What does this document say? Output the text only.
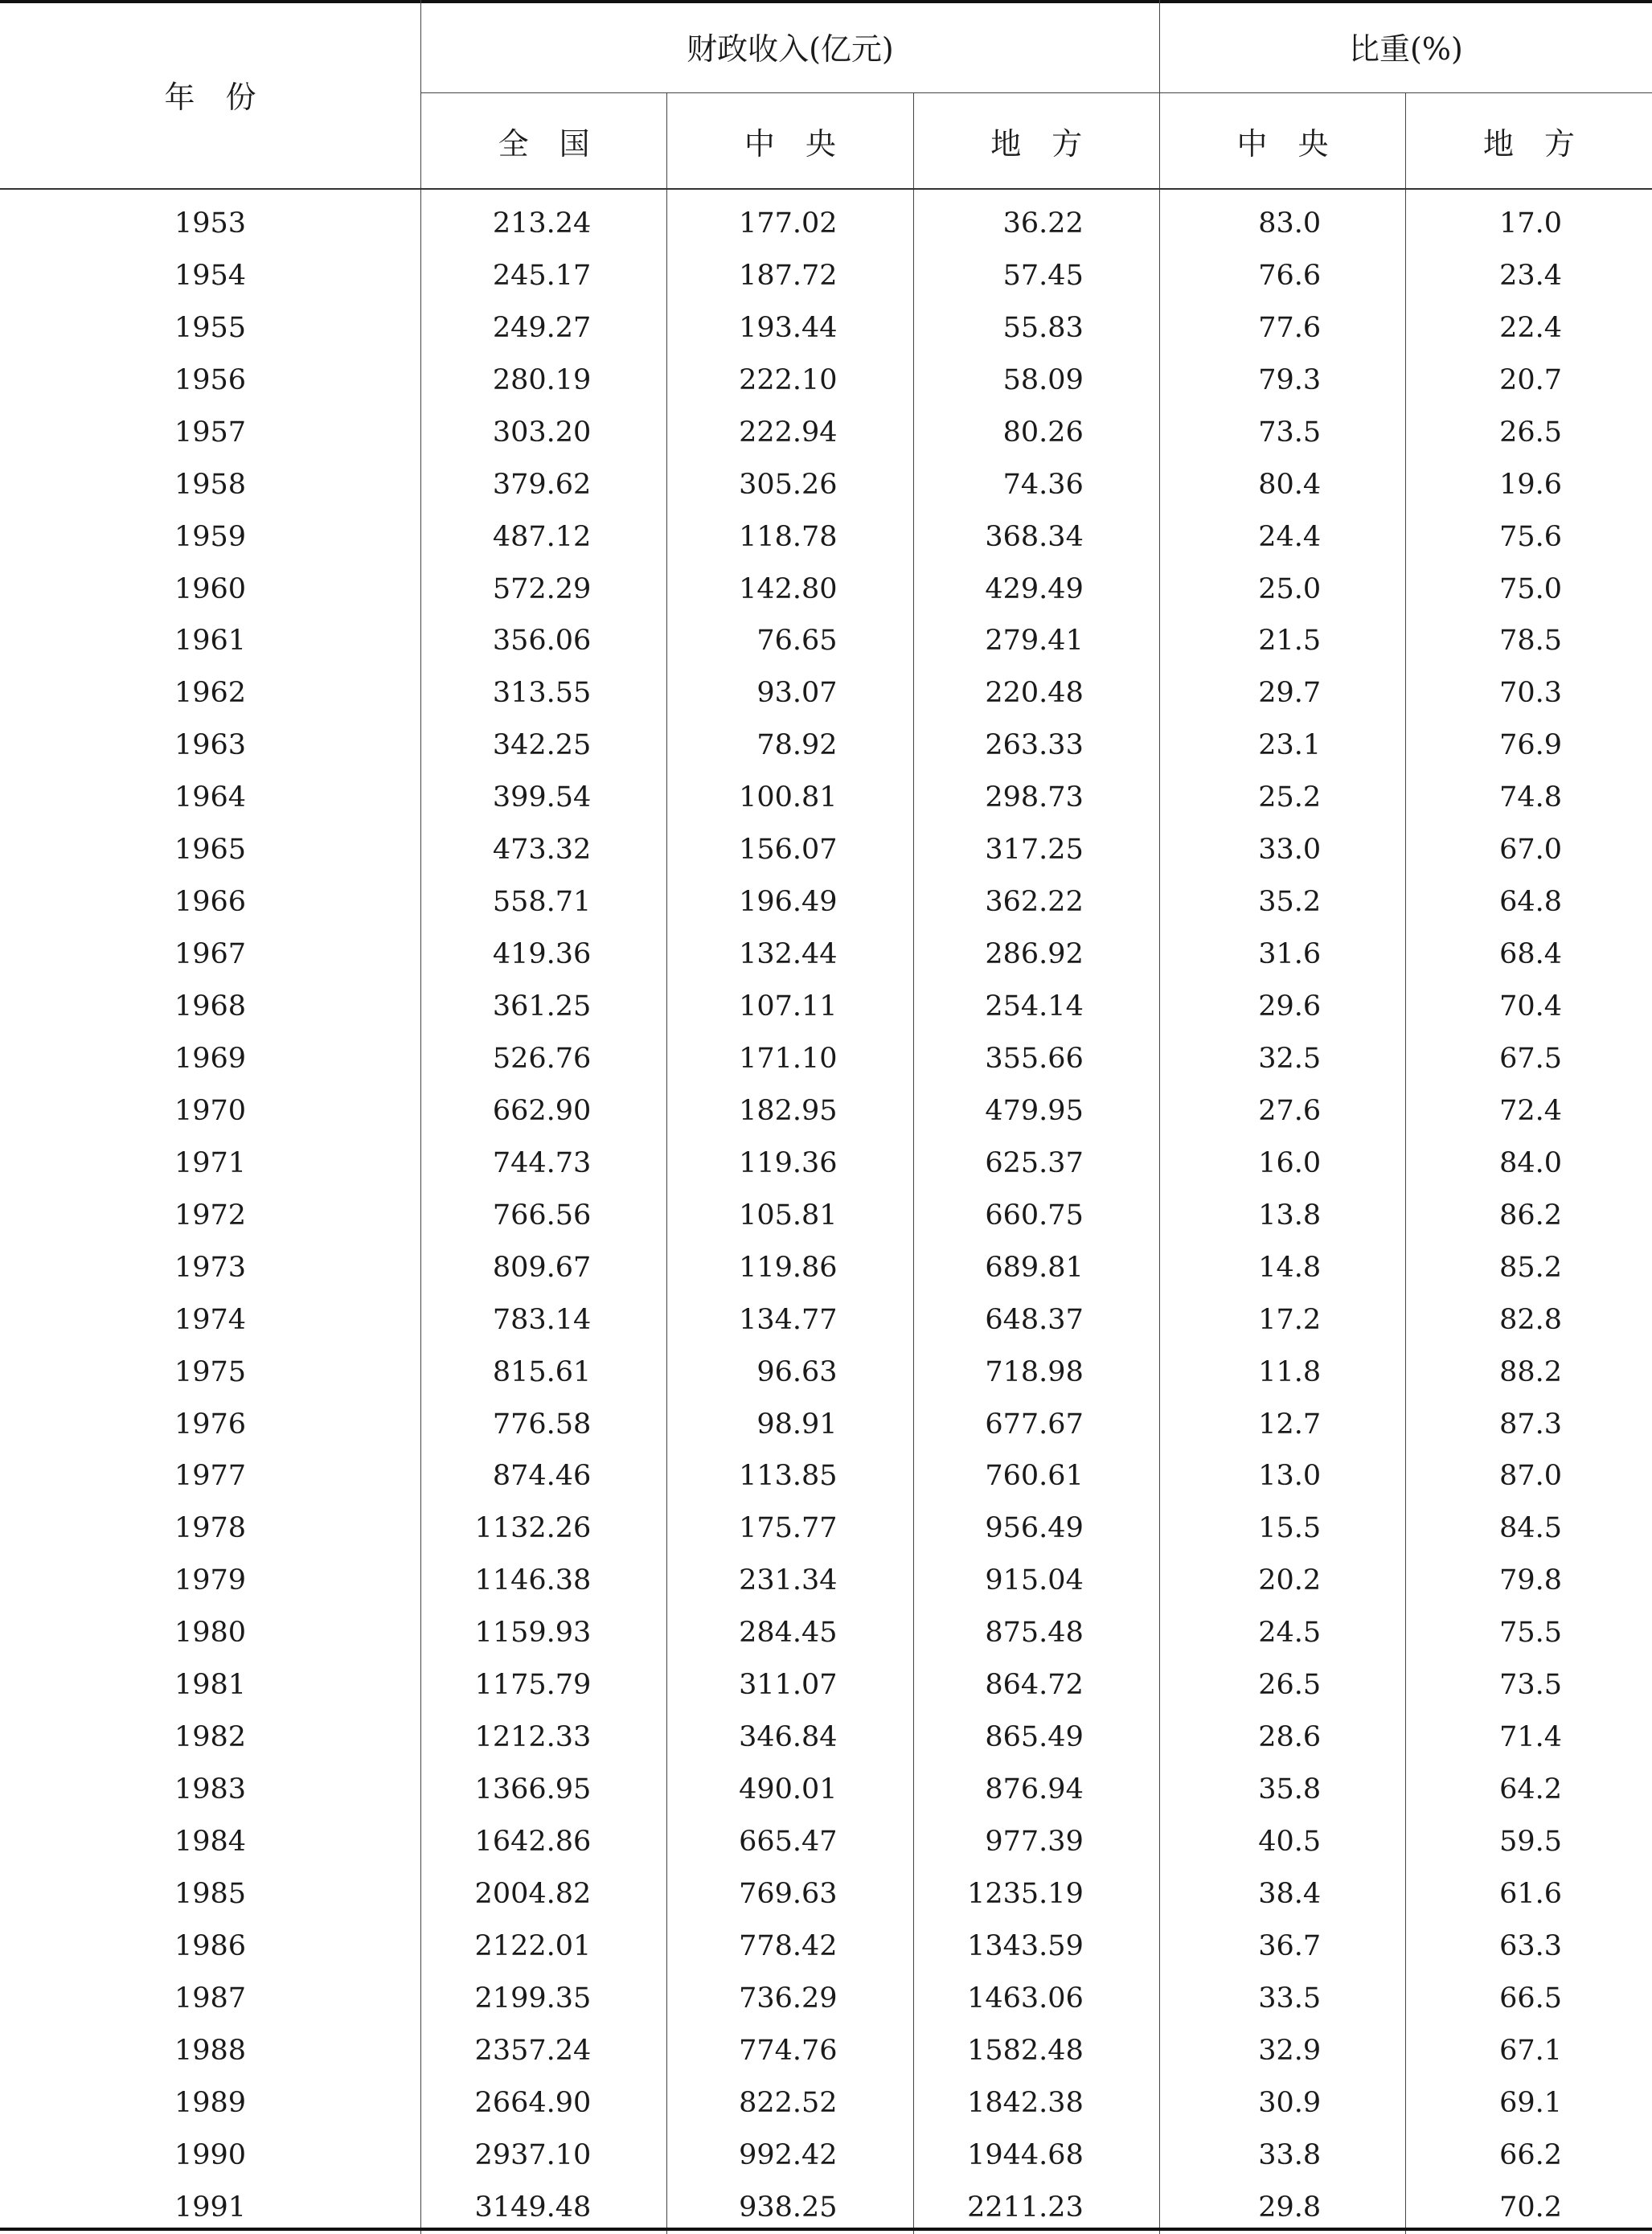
年　份	财政收入(亿元)			比重(%)	
	全　国	中　央	地　方	中　央	地　方
1953	213.24	177.02	36.22	83.0	17.0
1954	245.17	187.72	57.45	76.6	23.4
1955	249.27	193.44	55.83	77.6	22.4
1956	280.19	222.10	58.09	79.3	20.7
1957	303.20	222.94	80.26	73.5	26.5
1958	379.62	305.26	74.36	80.4	19.6
1959	487.12	118.78	368.34	24.4	75.6
1960	572.29	142.80	429.49	25.0	75.0
1961	356.06	76.65	279.41	21.5	78.5
1962	313.55	93.07	220.48	29.7	70.3
1963	342.25	78.92	263.33	23.1	76.9
1964	399.54	100.81	298.73	25.2	74.8
1965	473.32	156.07	317.25	33.0	67.0
1966	558.71	196.49	362.22	35.2	64.8
1967	419.36	132.44	286.92	31.6	68.4
1968	361.25	107.11	254.14	29.6	70.4
1969	526.76	171.10	355.66	32.5	67.5
1970	662.90	182.95	479.95	27.6	72.4
1971	744.73	119.36	625.37	16.0	84.0
1972	766.56	105.81	660.75	13.8	86.2
1973	809.67	119.86	689.81	14.8	85.2
1974	783.14	134.77	648.37	17.2	82.8
1975	815.61	96.63	718.98	11.8	88.2
1976	776.58	98.91	677.67	12.7	87.3
1977	874.46	113.85	760.61	13.0	87.0
1978	1132.26	175.77	956.49	15.5	84.5
1979	1146.38	231.34	915.04	20.2	79.8
1980	1159.93	284.45	875.48	24.5	75.5
1981	1175.79	311.07	864.72	26.5	73.5
1982	1212.33	346.84	865.49	28.6	71.4
1983	1366.95	490.01	876.94	35.8	64.2
1984	1642.86	665.47	977.39	40.5	59.5
1985	2004.82	769.63	1235.19	38.4	61.6
1986	2122.01	778.42	1343.59	36.7	63.3
1987	2199.35	736.29	1463.06	33.5	66.5
1988	2357.24	774.76	1582.48	32.9	67.1
1989	2664.90	822.52	1842.38	30.9	69.1
1990	2937.10	992.42	1944.68	33.8	66.2
1991	3149.48	938.25	2211.23	29.8	70.2
